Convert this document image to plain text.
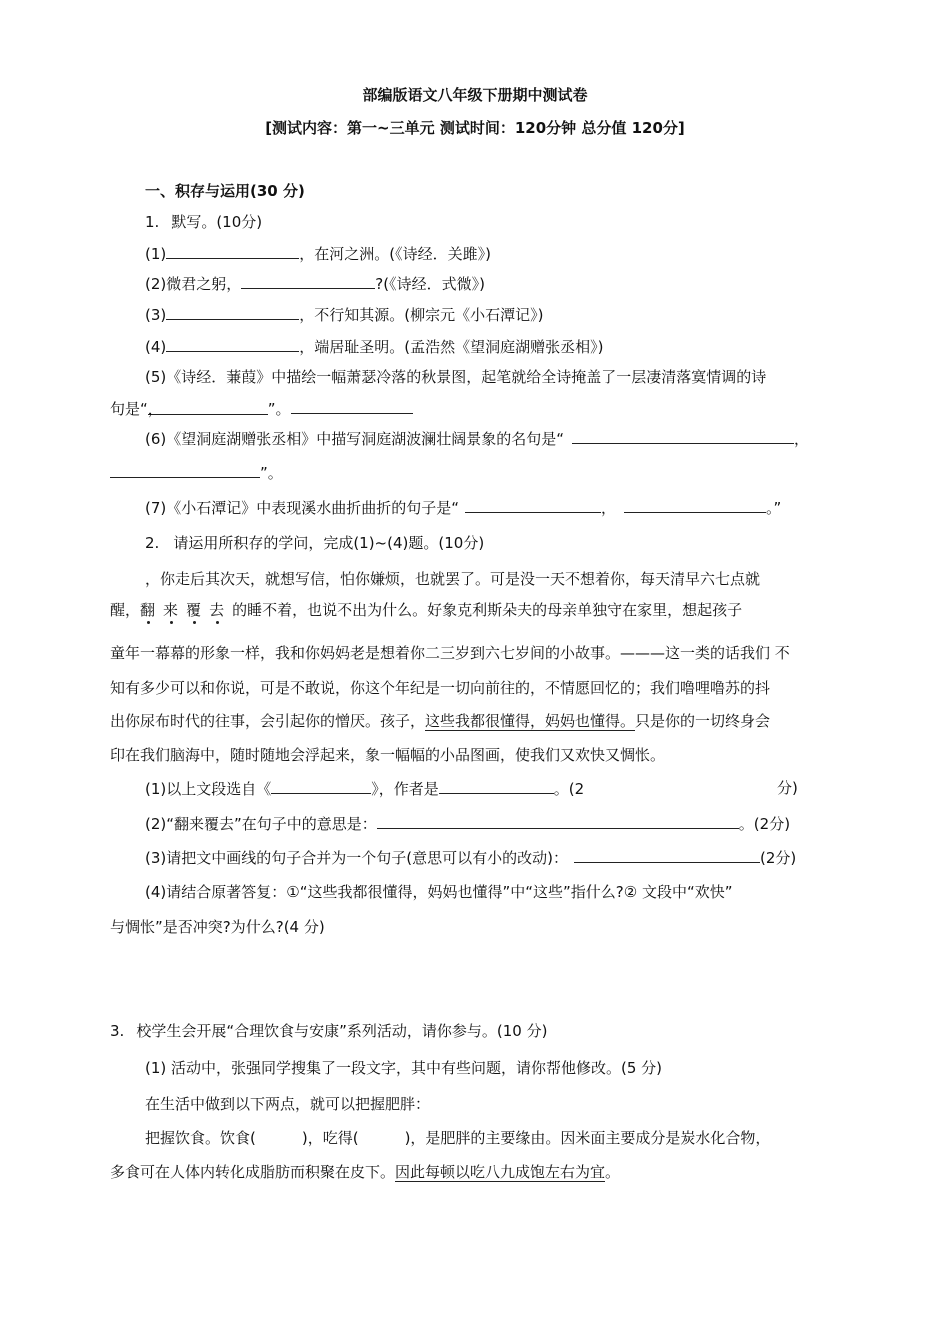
部编版语文八年级下册期中测试卷
[测试内容：第一~三单元 测试时间：120分钟 总分值 120分]
一、积存与运用(30 分)
1. 默写。(10分)
(1)	，在河之洲。(《诗经．关雎》)
(2)微君之躬，	?(《诗经．式微》)
(3)	，不行知其源。(柳宗元《小石潭记》)
(4)	，端居耻圣明。(孟浩然《望洞庭湖赠张丞相》)
(5)《诗经．蒹葭》中描绘一幅萧瑟冷落的秋景图，起笔就给全诗掩盖了一层凄清落寞情调的诗
句是“，	”。
(6)《望洞庭湖赠张丞相》中描写洞庭湖波澜壮阔景象的名句是“	，
”。
(7)《小石潭记》中表现溪水曲折曲折的句子是“	，	。”
2. 请运用所积存的学问，完成(1)~(4)题。(10分)
，你走后其次天，就想写信，怕你嫌烦，也就罢了。可是没一天不想着你，每天清早六七点就
醒，翻 来 覆 去 的睡不着，也说不出为什么。好象克利斯朵夫的母亲单独守在家里，想起孩子
童年一幕幕的形象一样，我和你妈妈老是想着你二三岁到六七岁间的小故事。———这一类的话我们 不
知有多少可以和你说，可是不敢说，你这个年纪是一切向前往的，不情愿回忆的；我们噜哩噜苏的抖
出你尿布时代的往事，会引起你的憎厌。孩子，这些我都很懂得，妈妈也懂得。只是你的一切终身会
印在我们脑海中，随时随地会浮起来，象一幅幅的小品图画，使我们又欢快又惆怅。
(1)以上文段选自《	》，作者是	。(2	分)
(2)“翻来覆去”在句子中的意思是：	。(2分)
(3)请把文中画线的句子合并为一个句子(意思可以有小的改动)：	(2分)
(4)请结合原著答复：①“这些我都很懂得，妈妈也懂得”中“这些”指什么?② 文段中“欢快”
与惆怅”是否冲突?为什么?(4 分)
3. 校学生会开展“合理饮食与安康”系列活动，请你参与。(10 分)
(1) 活动中，张强同学搜集了一段文字，其中有些问题，请你帮他修改。(5 分)
在生活中做到以下两点，就可以把握肥胖：
把握饮食。饮食(	)，吃得(	)，是肥胖的主要缘由。因米面主要成分是炭水化合物，
多食可在人体内转化成脂肪而积聚在皮下。因此每顿以吃八九成饱左右为宜。
